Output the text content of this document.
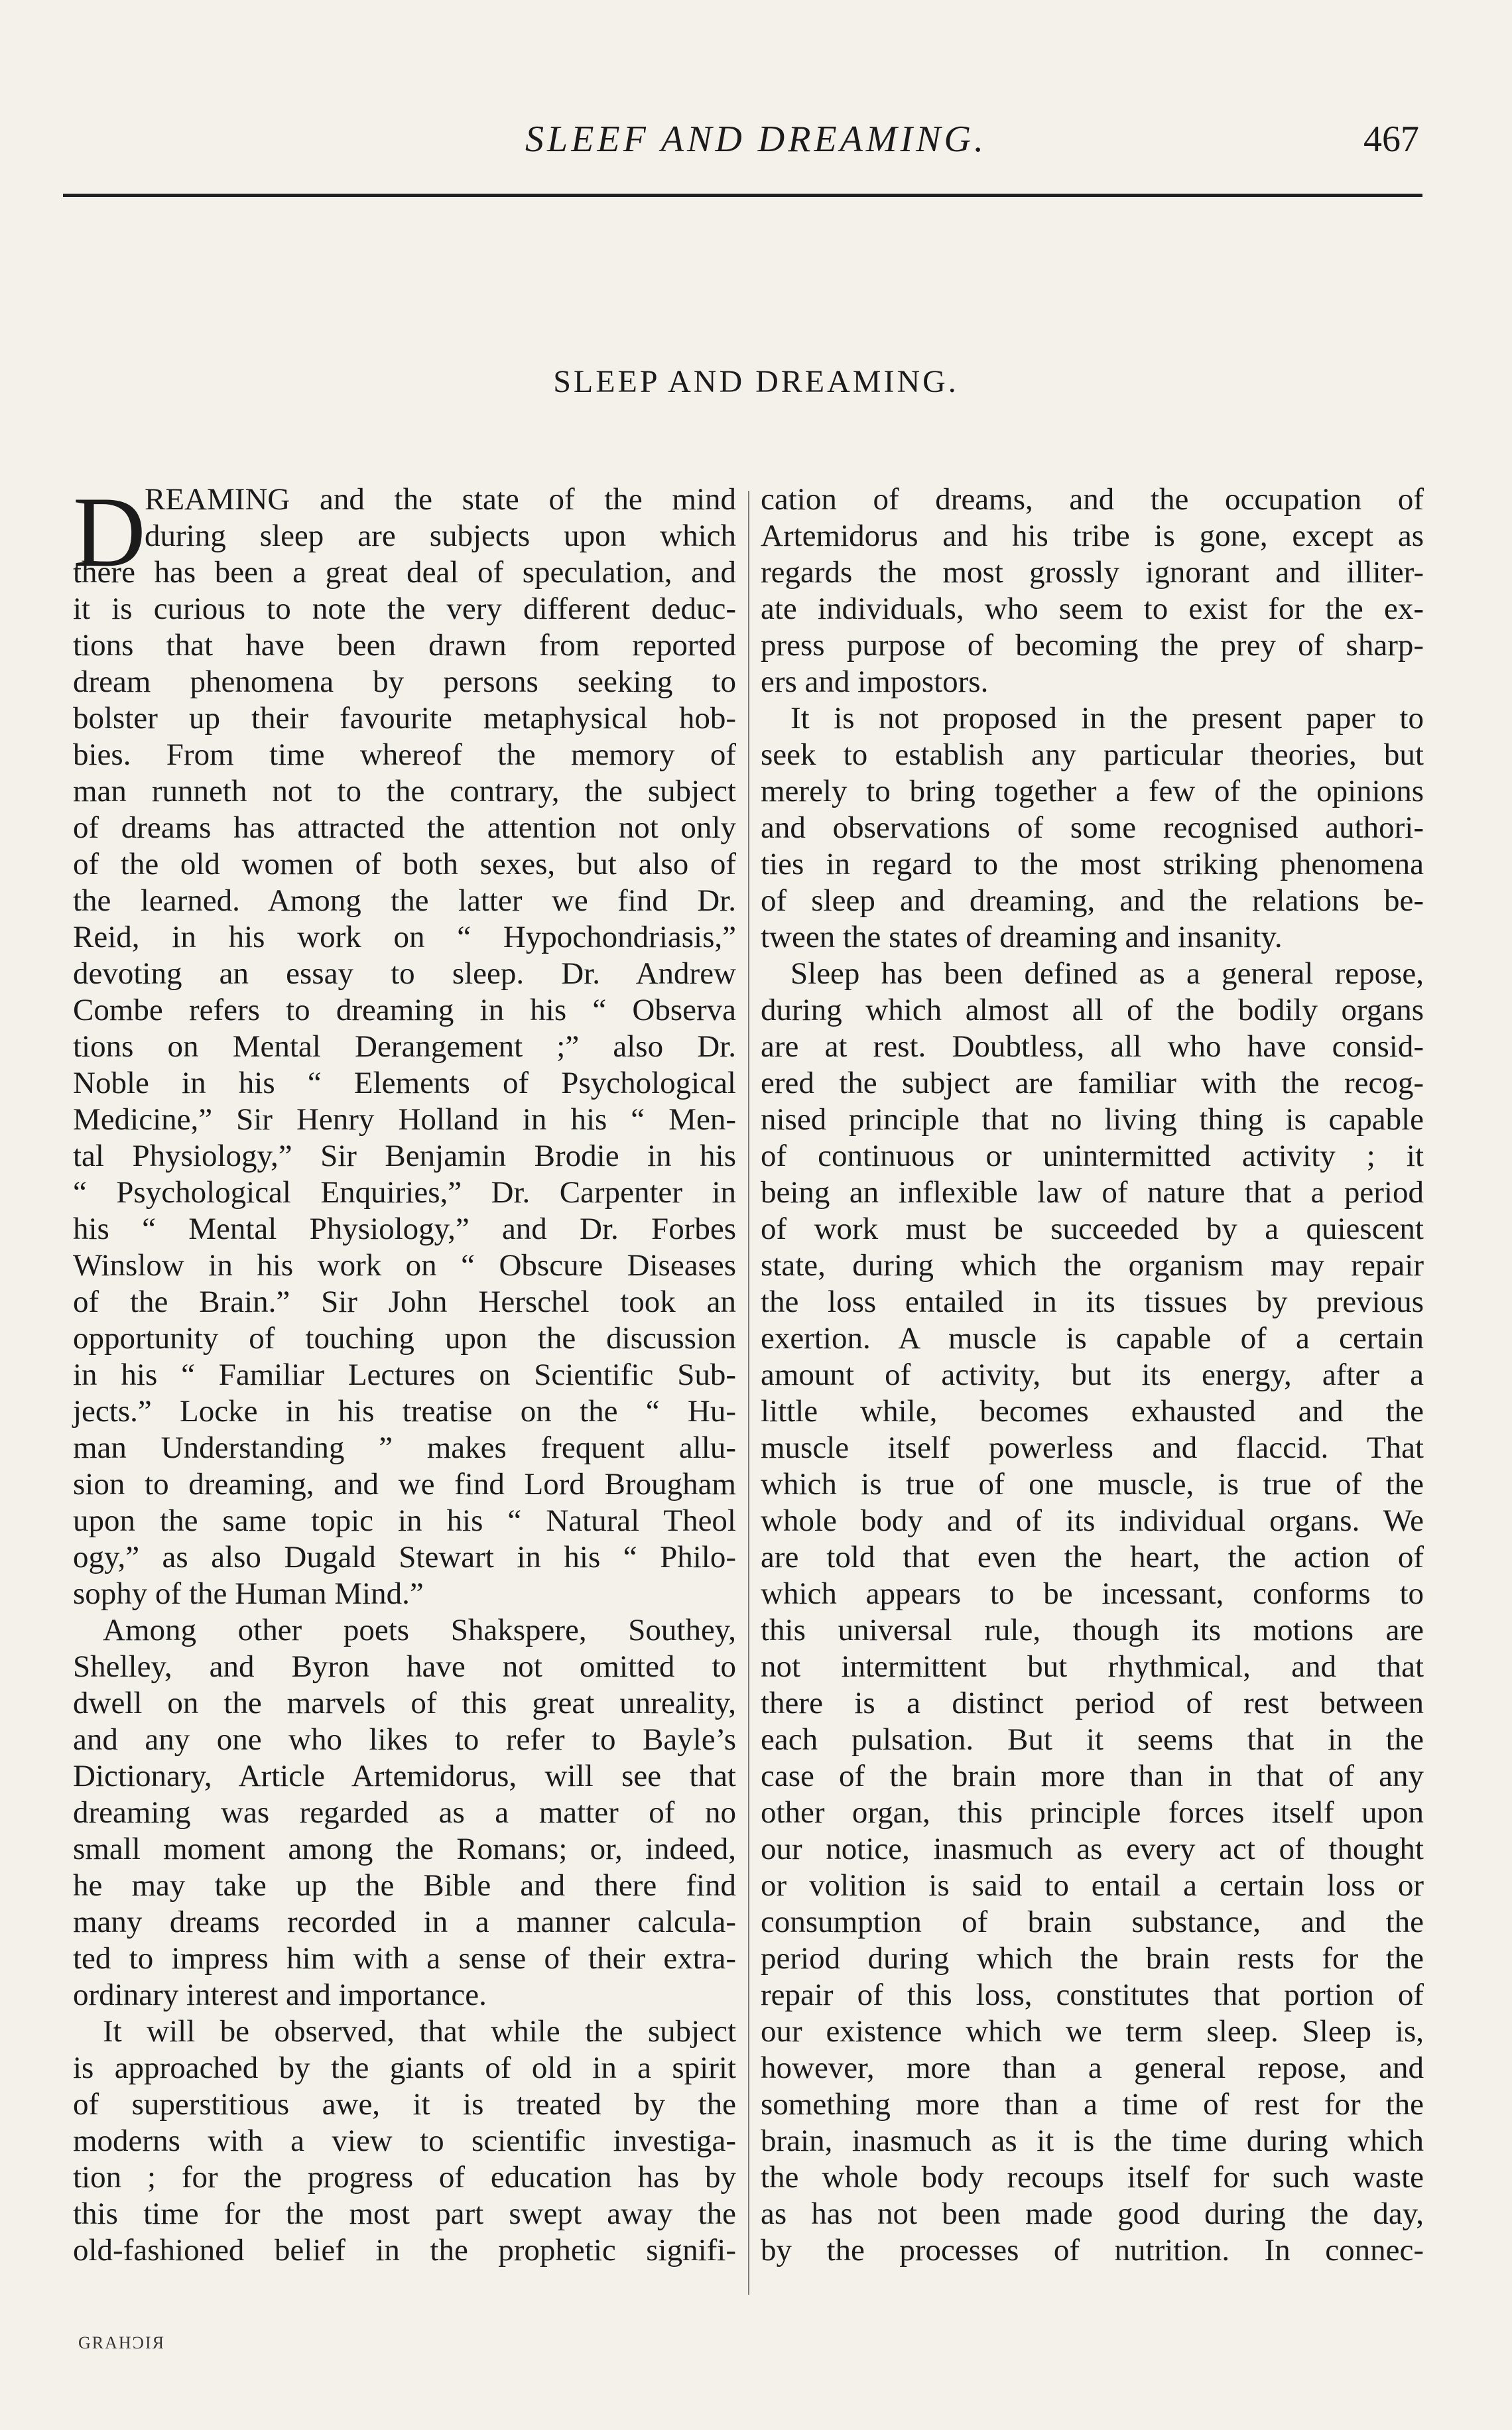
SLEEF AND DREAMING.	467
SLEEP AND DREAMING.
D
REAMING and the state of the mind
during sleep are subjects upon which
there has been a great deal of speculation, and
it is curious to note the very different deduc-
tions that have been drawn from reported
dream phenomena by persons seeking to
bolster up their favourite metaphysical hob-
bies. From time whereof the memory of
man runneth not to the contrary, the subject
of dreams has attracted the attention not only
of the old women of both sexes, but also of
the learned. Among the latter we find Dr.
Reid, in his work on “ Hypochondriasis,”
devoting an essay to sleep. Dr. Andrew
Combe refers to dreaming in his “ Observa
tions on Mental Derangement ;” also Dr.
Noble in his “ Elements of Psychological
Medicine,” Sir Henry Holland in his “ Men-
tal Physiology,” Sir Benjamin Brodie in his
“ Psychological Enquiries,” Dr. Carpenter in
his “ Mental Physiology,” and Dr. Forbes
Winslow in his work on “ Obscure Diseases
of the Brain.” Sir John Herschel took an
opportunity of touching upon the discussion
in his “ Familiar Lectures on Scientific Sub-
jects.” Locke in his treatise on the “ Hu-
man Understanding ” makes frequent allu-
sion to dreaming, and we find Lord Brougham
upon the same topic in his “ Natural Theol
ogy,” as also Dugald Stewart in his “ Philo-
sophy of the Human Mind.”
Among other poets Shakspere, Southey,
Shelley, and Byron have not omitted to
dwell on the marvels of this great unreality,
and any one who likes to refer to Bayle’s
Dictionary, Article Artemidorus, will see that
dreaming was regarded as a matter of no
small moment among the Romans; or, indeed,
he may take up the Bible and there find
many dreams recorded in a manner calcula-
ted to impress him with a sense of their extra-
ordinary interest and importance.
It will be observed, that while the subject
is approached by the giants of old in a spirit
of superstitious awe, it is treated by the
moderns with a view to scientific investiga-
tion ; for the progress of education has by
this time for the most part swept away the
old-fashioned belief in the prophetic signifi-
cation of dreams, and the occupation of
Artemidorus and his tribe is gone, except as
regards the most grossly ignorant and illiter-
ate individuals, who seem to exist for the ex-
press purpose of becoming the prey of sharp-
ers and impostors.
It is not proposed in the present paper to
seek to establish any particular theories, but
merely to bring together a few of the opinions
and observations of some recognised authori-
ties in regard to the most striking phenomena
of sleep and dreaming, and the relations be-
tween the states of dreaming and insanity.
Sleep has been defined as a general repose,
during which almost all of the bodily organs
are at rest. Doubtless, all who have consid-
ered the subject are familiar with the recog-
nised principle that no living thing is capable
of continuous or unintermitted activity ; it
being an inflexible law of nature that a period
of work must be succeeded by a quiescent
state, during which the organism may repair
the loss entailed in its tissues by previous
exertion. A muscle is capable of a certain
amount of activity, but its energy, after a
little while, becomes exhausted and the
muscle itself powerless and flaccid. That
which is true of one muscle, is true of the
whole body and of its individual organs. We
are told that even the heart, the action of
which appears to be incessant, conforms to
this universal rule, though its motions are
not intermittent but rhythmical, and that
there is a distinct period of rest between
each pulsation. But it seems that in the
case of the brain more than in that of any
other organ, this principle forces itself upon
our notice, inasmuch as every act of thought
or volition is said to entail a certain loss or
consumption of brain substance, and the
period during which the brain rests for the
repair of this loss, constitutes that portion of
our existence which we term sleep. Sleep is,
however, more than a general repose, and
something more than a time of rest for the
brain, inasmuch as it is the time during which
the whole body recoups itself for such waste
as has not been made good during the day,
by the processes of nutrition. In connec-
GRAHƆIЯ
